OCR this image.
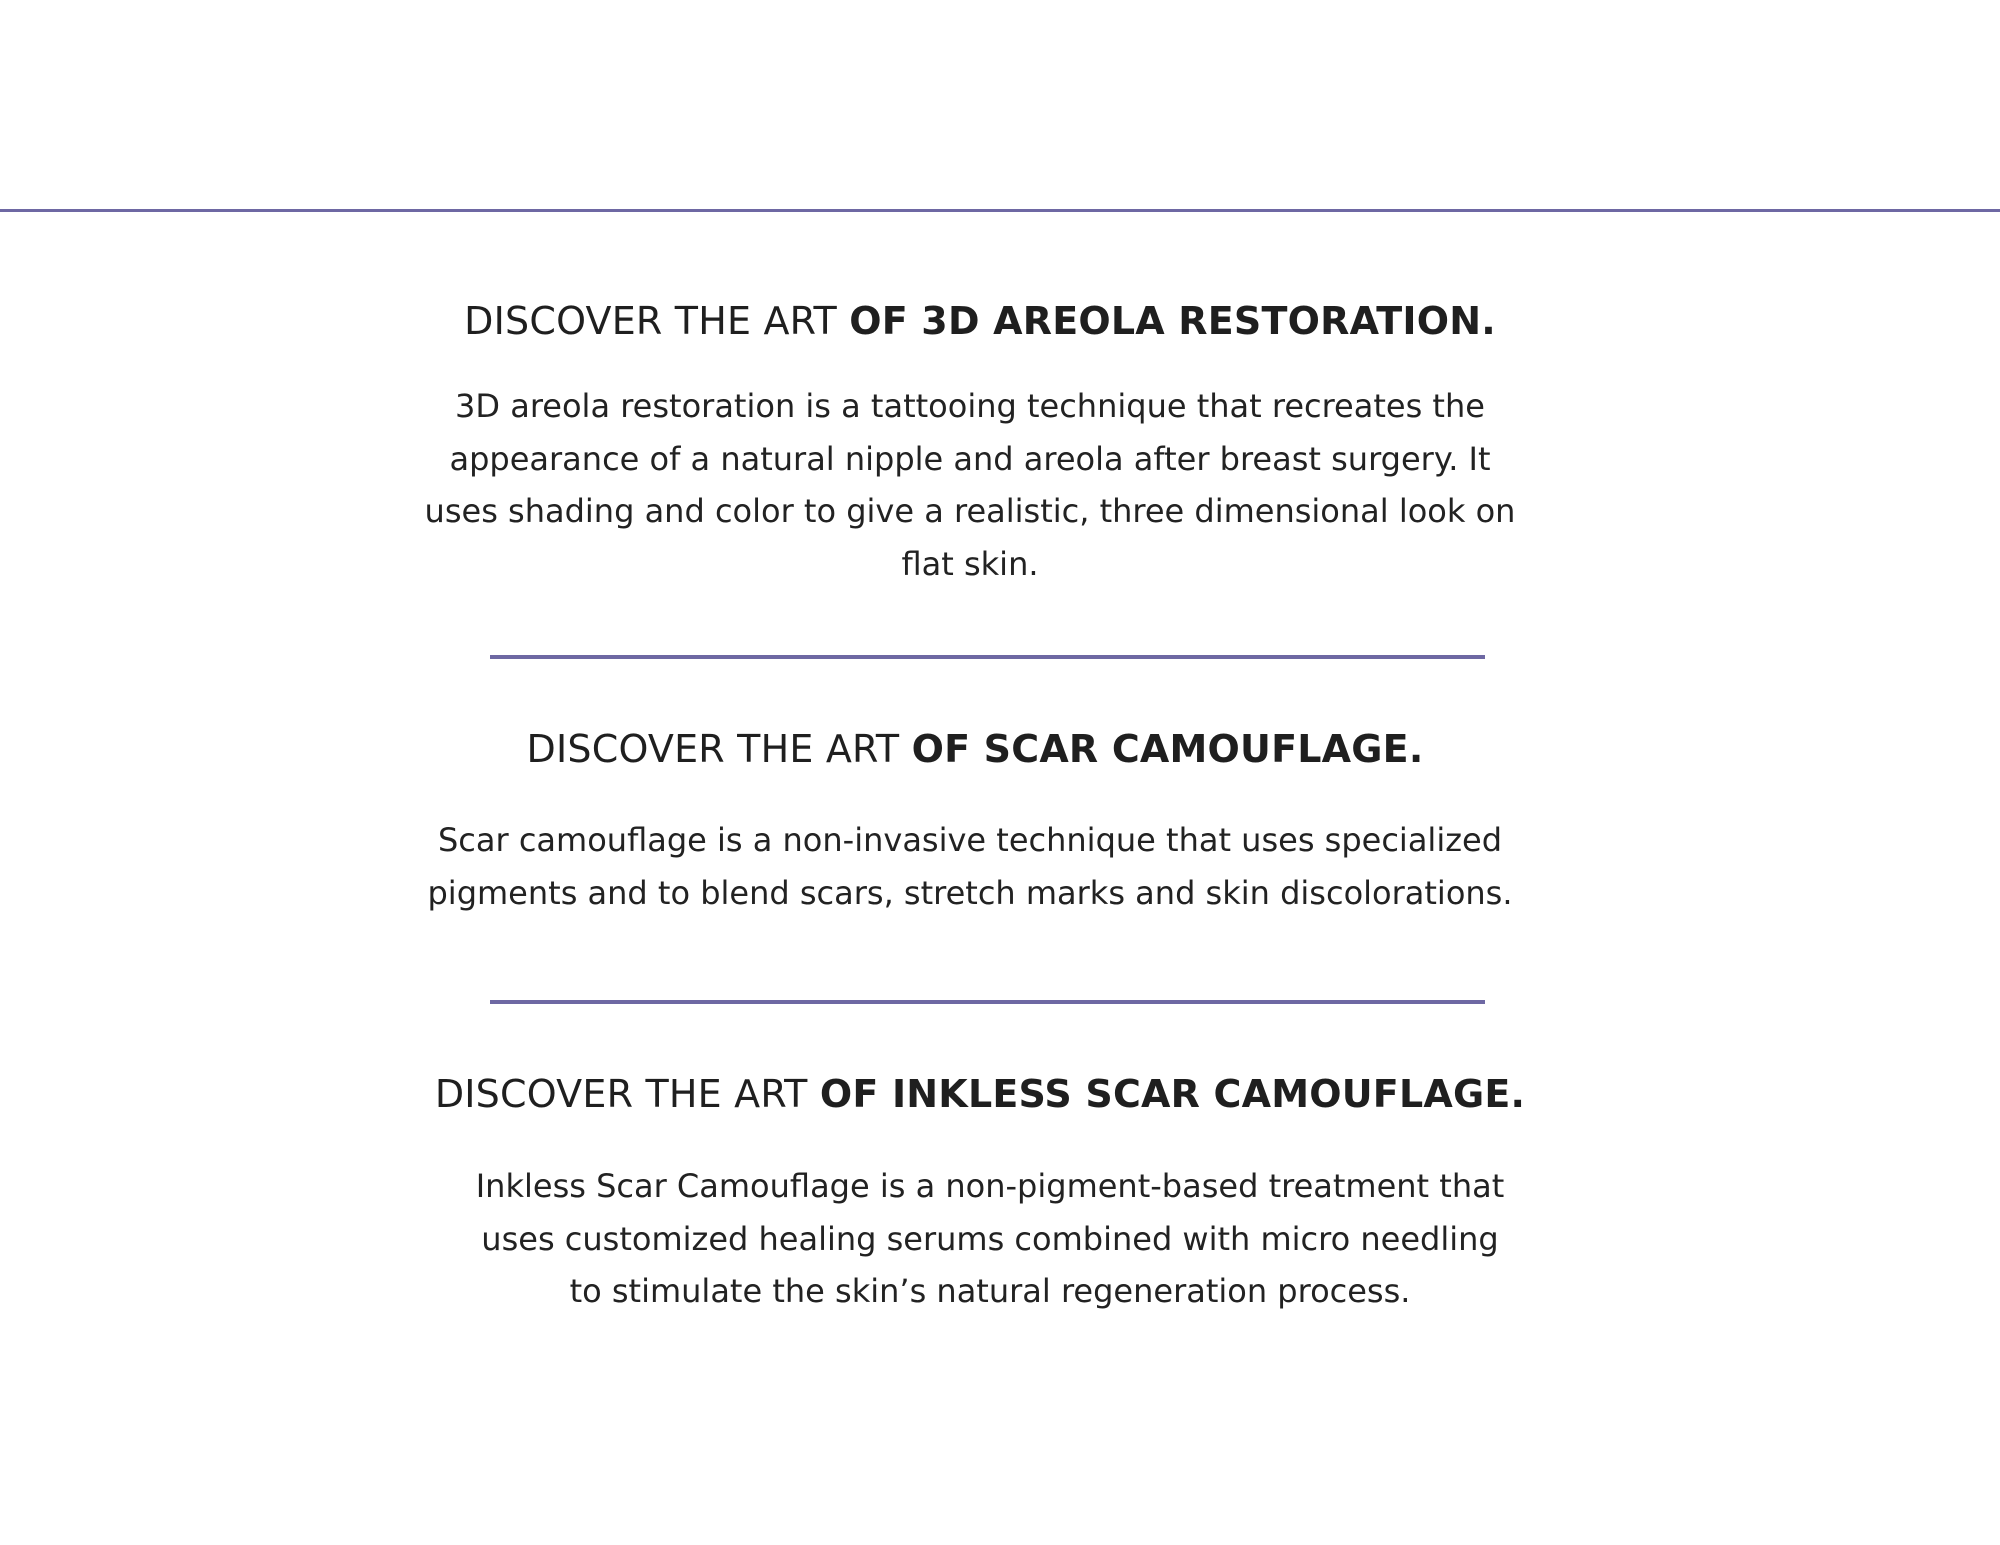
DISCOVER THE ART OF 3D AREOLA RESTORATION.

3D areola restoration is a tattooing technique that recreates the
appearance of a natural nipple and areola after breast surgery. It
uses shading and color to give a realistic, three dimensional look on
flat skin.

DISCOVER THE ART OF SCAR CAMOUFLAGE.

Scar camouflage is a non-invasive technique that uses specialized
pigments and to blend scars, stretch marks and skin discolorations.

DISCOVER THE ART OF INKLESS SCAR CAMOUFLAGE.

Inkless Scar Camouflage is a non-pigment-based treatment that
uses customized healing serums combined with micro needling
to stimulate the skin’s natural regeneration process.
